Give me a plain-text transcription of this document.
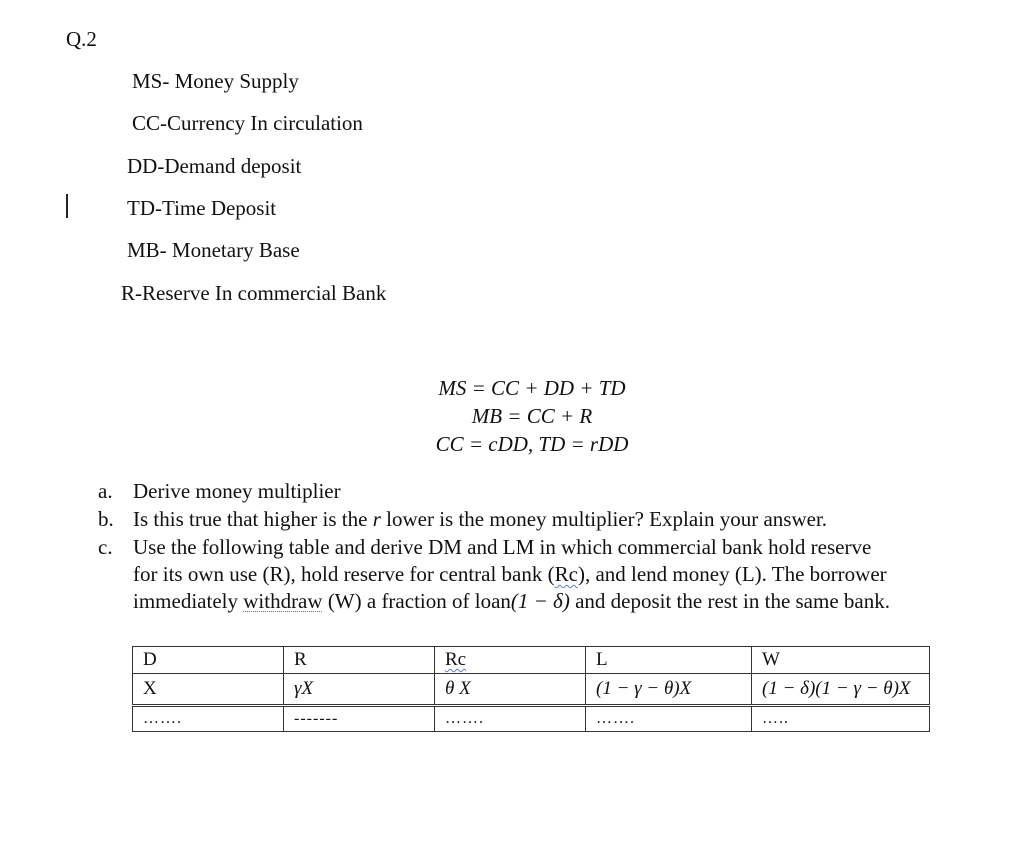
Q.2
MS- Money Supply
CC-Currency In circulation
DD-Demand deposit
TD-Time Deposit
MB- Monetary Base
R-Reserve In commercial Bank
MS = CC + DD + TD
MB = CC + R
CC = cDD, TD = rDD
a. Derive money multiplier
b. Is this true that higher is the r lower is the money multiplier? Explain your answer.
c. Use the following table and derive DM and LM in which commercial bank hold reserve
for its own use (R), hold reserve for central bank (Rc), and lend money (L). The borrower
immediately withdraw (W) a fraction of loan(1 − δ) and deposit the rest in the same bank.
D	R	Rc	L	W
X	γX	θ X	(1 − γ − θ)X	(1 − δ)(1 − γ − θ)X
…….	-------	…….	…….	…..
